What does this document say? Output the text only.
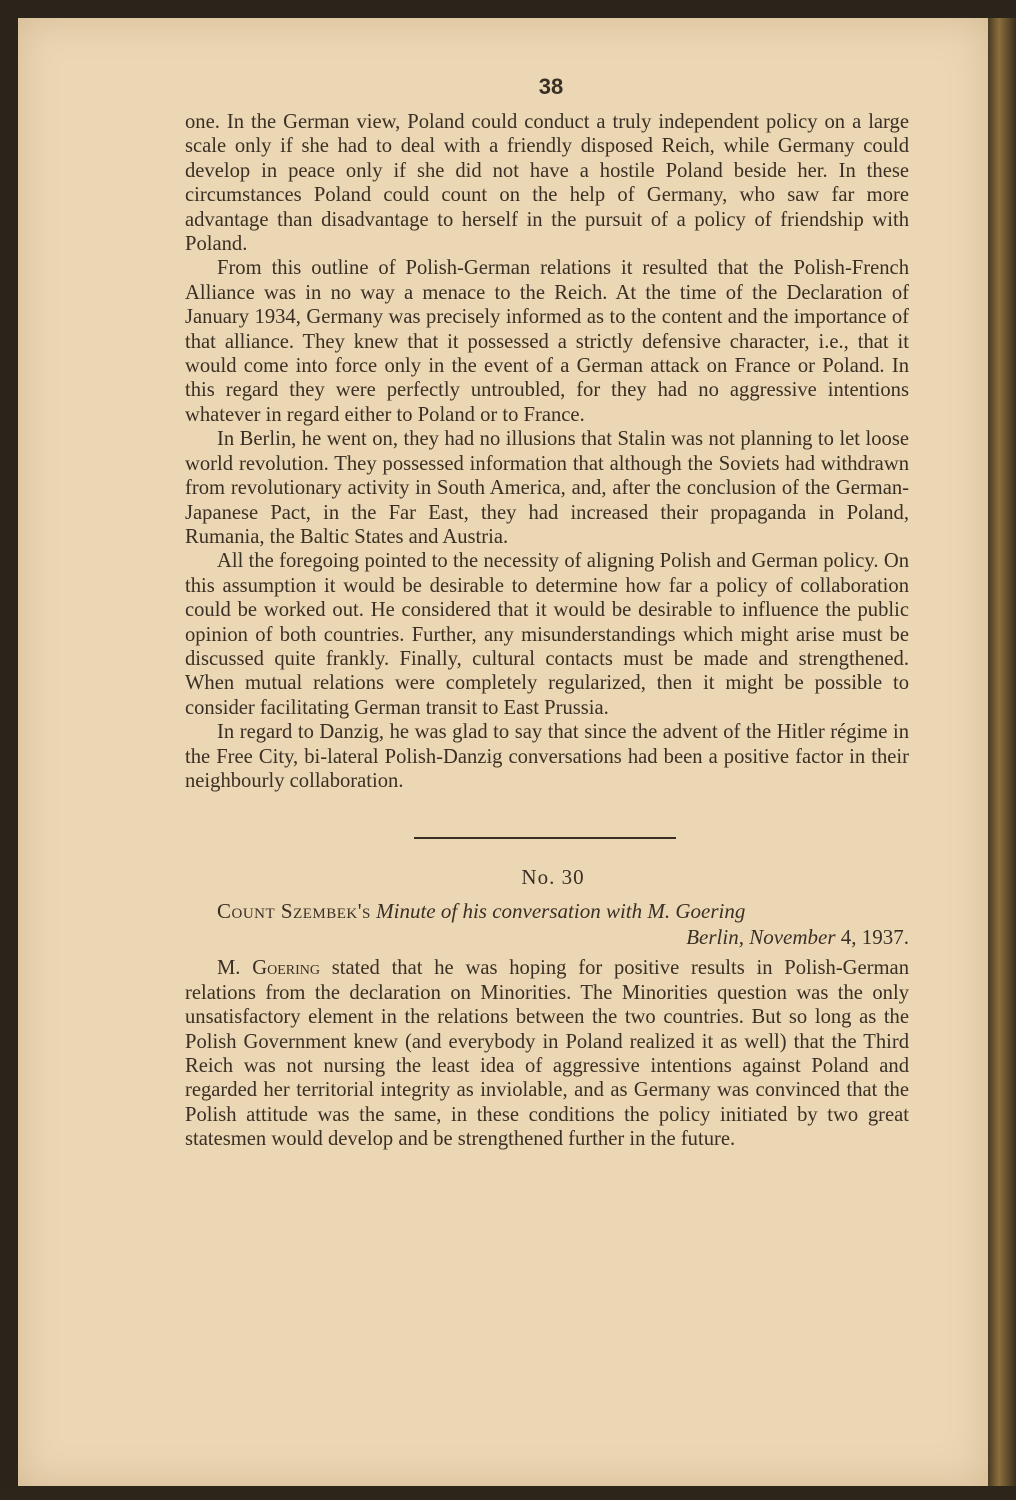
38

one. In the German view, Poland could conduct a truly independent policy on a large scale only if she had to deal with a friendly disposed Reich, while Germany could develop in peace only if she did not have a hostile Poland beside her. In these circumstances Poland could count on the help of Germany, who saw far more advantage than disadvantage to herself in the pursuit of a policy of friendship with Poland.

From this outline of Polish-German relations it resulted that the Polish-French Alliance was in no way a menace to the Reich. At the time of the Declaration of January 1934, Germany was precisely informed as to the content and the importance of that alliance. They knew that it possessed a strictly defensive character, i.e., that it would come into force only in the event of a German attack on France or Poland. In this regard they were perfectly untroubled, for they had no aggressive intentions whatever in regard either to Poland or to France.

In Berlin, he went on, they had no illusions that Stalin was not planning to let loose world revolution. They possessed information that although the Soviets had withdrawn from revolutionary activity in South America, and, after the conclusion of the German-Japanese Pact, in the Far East, they had increased their propaganda in Poland, Rumania, the Baltic States and Austria.

All the foregoing pointed to the necessity of aligning Polish and German policy. On this assumption it would be desirable to determine how far a policy of collaboration could be worked out. He considered that it would be desirable to influence the public opinion of both countries. Further, any misunderstandings which might arise must be discussed quite frankly. Finally, cultural contacts must be made and strengthened. When mutual relations were completely regularized, then it might be possible to consider facilitating German transit to East Prussia.

In regard to Danzig, he was glad to say that since the advent of the Hitler régime in the Free City, bi-lateral Polish-Danzig conversations had been a positive factor in their neighbourly collaboration.

No. 30
Count Szembek's Minute of his conversation with M. Goering
Berlin, November 4, 1937.

M. Goering stated that he was hoping for positive results in Polish-German relations from the declaration on Minorities. The Minorities question was the only unsatisfactory element in the relations between the two countries. But so long as the Polish Government knew (and everybody in Poland realized it as well) that the Third Reich was not nursing the least idea of aggressive intentions against Poland and regarded her territorial integrity as inviolable, and as Germany was convinced that the Polish attitude was the same, in these conditions the policy initiated by two great statesmen would develop and be strengthened further in the future.
